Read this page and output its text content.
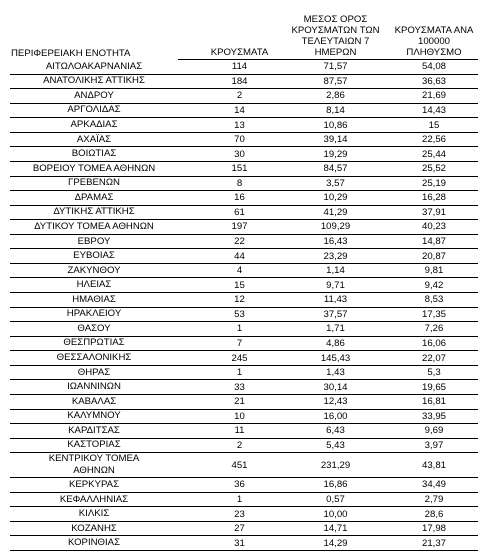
ΠΕΡΙΦΕΡΕΙΑΚΗ ΕΝΟΤΗΤΑ	ΚΡΟΥΣΜΑΤΑ	ΜΕΣΟΣ ΟΡΟΣ
ΚΡΟΥΣΜΑΤΩΝ ΤΩΝ
ΤΕΛΕΥΤΑΙΩΝ 7 ΗΜΕΡΩΝ	ΚΡΟΥΣΜΑΤΑ ΑΝΑ
100000 ΠΛΗΘΥΣΜΟ

ΑΙΤΩΛΟΑΚΑΡΝΑΝΙΑΣ	114	71,57	54,08

ΑΝΑΤΟΛΙΚΗΣ ΑΤΤΙΚΗΣ	184	87,57	36,63

ΑΝΔΡΟΥ	2	2,86	21,69

ΑΡΓΟΛΙΔΑΣ	14	8,14	14,43

ΑΡΚΑΔΙΑΣ	13	10,86	15

ΑΧΑΪΑΣ	70	39,14	22,56

ΒΟΙΩΤΙΑΣ	30	19,29	25,44

ΒΟΡΕΙΟΥ ΤΟΜΕΑ ΑΘΗΝΩΝ	151	84,57	25,52

ΓΡΕΒΕΝΩΝ	8	3,57	25,19

ΔΡΑΜΑΣ	16	10,29	16,28

ΔΥΤΙΚΗΣ ΑΤΤΙΚΗΣ	61	41,29	37,91

ΔΥΤΙΚΟΥ ΤΟΜΕΑ ΑΘΗΝΩΝ	197	109,29	40,23

ΕΒΡΟΥ	22	16,43	14,87

ΕΥΒΟΙΑΣ	44	23,29	20,87

ΖΑΚΥΝΘΟΥ	4	1,14	9,81

ΗΛΕΙΑΣ	15	9,71	9,42

ΗΜΑΘΙΑΣ	12	11,43	8,53

ΗΡΑΚΛΕΙΟΥ	53	37,57	17,35

ΘΑΣΟΥ	1	1,71	7,26

ΘΕΣΠΡΩΤΙΑΣ	7	4,86	16,06

ΘΕΣΣΑΛΟΝΙΚΗΣ	245	145,43	22,07

ΘΗΡΑΣ	1	1,43	5,3

ΙΩΑΝΝΙΝΩΝ	33	30,14	19,65

ΚΑΒΑΛΑΣ	21	12,43	16,81

ΚΑΛΥΜΝΟΥ	10	16,00	33,95

ΚΑΡΔΙΤΣΑΣ	11	6,43	9,69

ΚΑΣΤΟΡΙΑΣ	2	5,43	3,97

ΚΕΝΤΡΙΚΟΥ ΤΟΜΕΑ
ΑΘΗΝΩΝ	451	231,29	43,81

ΚΕΡΚΥΡΑΣ	36	16,86	34,49

ΚΕΦΑΛΛΗΝΙΑΣ	1	0,57	2,79

ΚΙΛΚΙΣ	23	10,00	28,6

ΚΟΖΑΝΗΣ	27	14,71	17,98

ΚΟΡΙΝΘΙΑΣ	31	14,29	21,37
